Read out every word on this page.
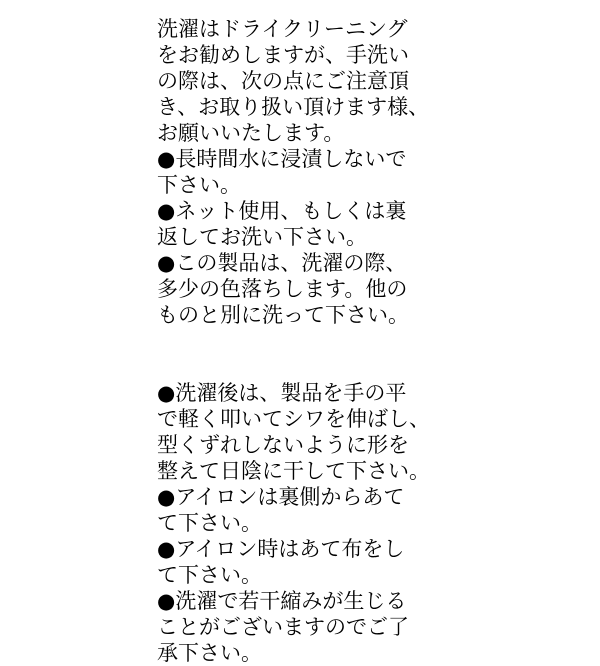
洗濯はドライクリーニング
をお勧めしますが、手洗い
の際は、次の点にご注意頂
き、お取り扱い頂けます様、
お願いいたします。
●長時間水に浸漬しないで
下さい。
●ネット使用、もしくは裏
返してお洗い下さい。
●この製品は、洗濯の際、
多少の色落ちします。他の
ものと別に洗って下さい。
●洗濯後は、製品を手の平
で軽く叩いてシワを伸ばし、
型くずれしないように形を
整えて日陰に干して下さい。
●アイロンは裏側からあて
て下さい。
●アイロン時はあて布をし
て下さい。
●洗濯で若干縮みが生じる
ことがございますのでご了
承下さい。
